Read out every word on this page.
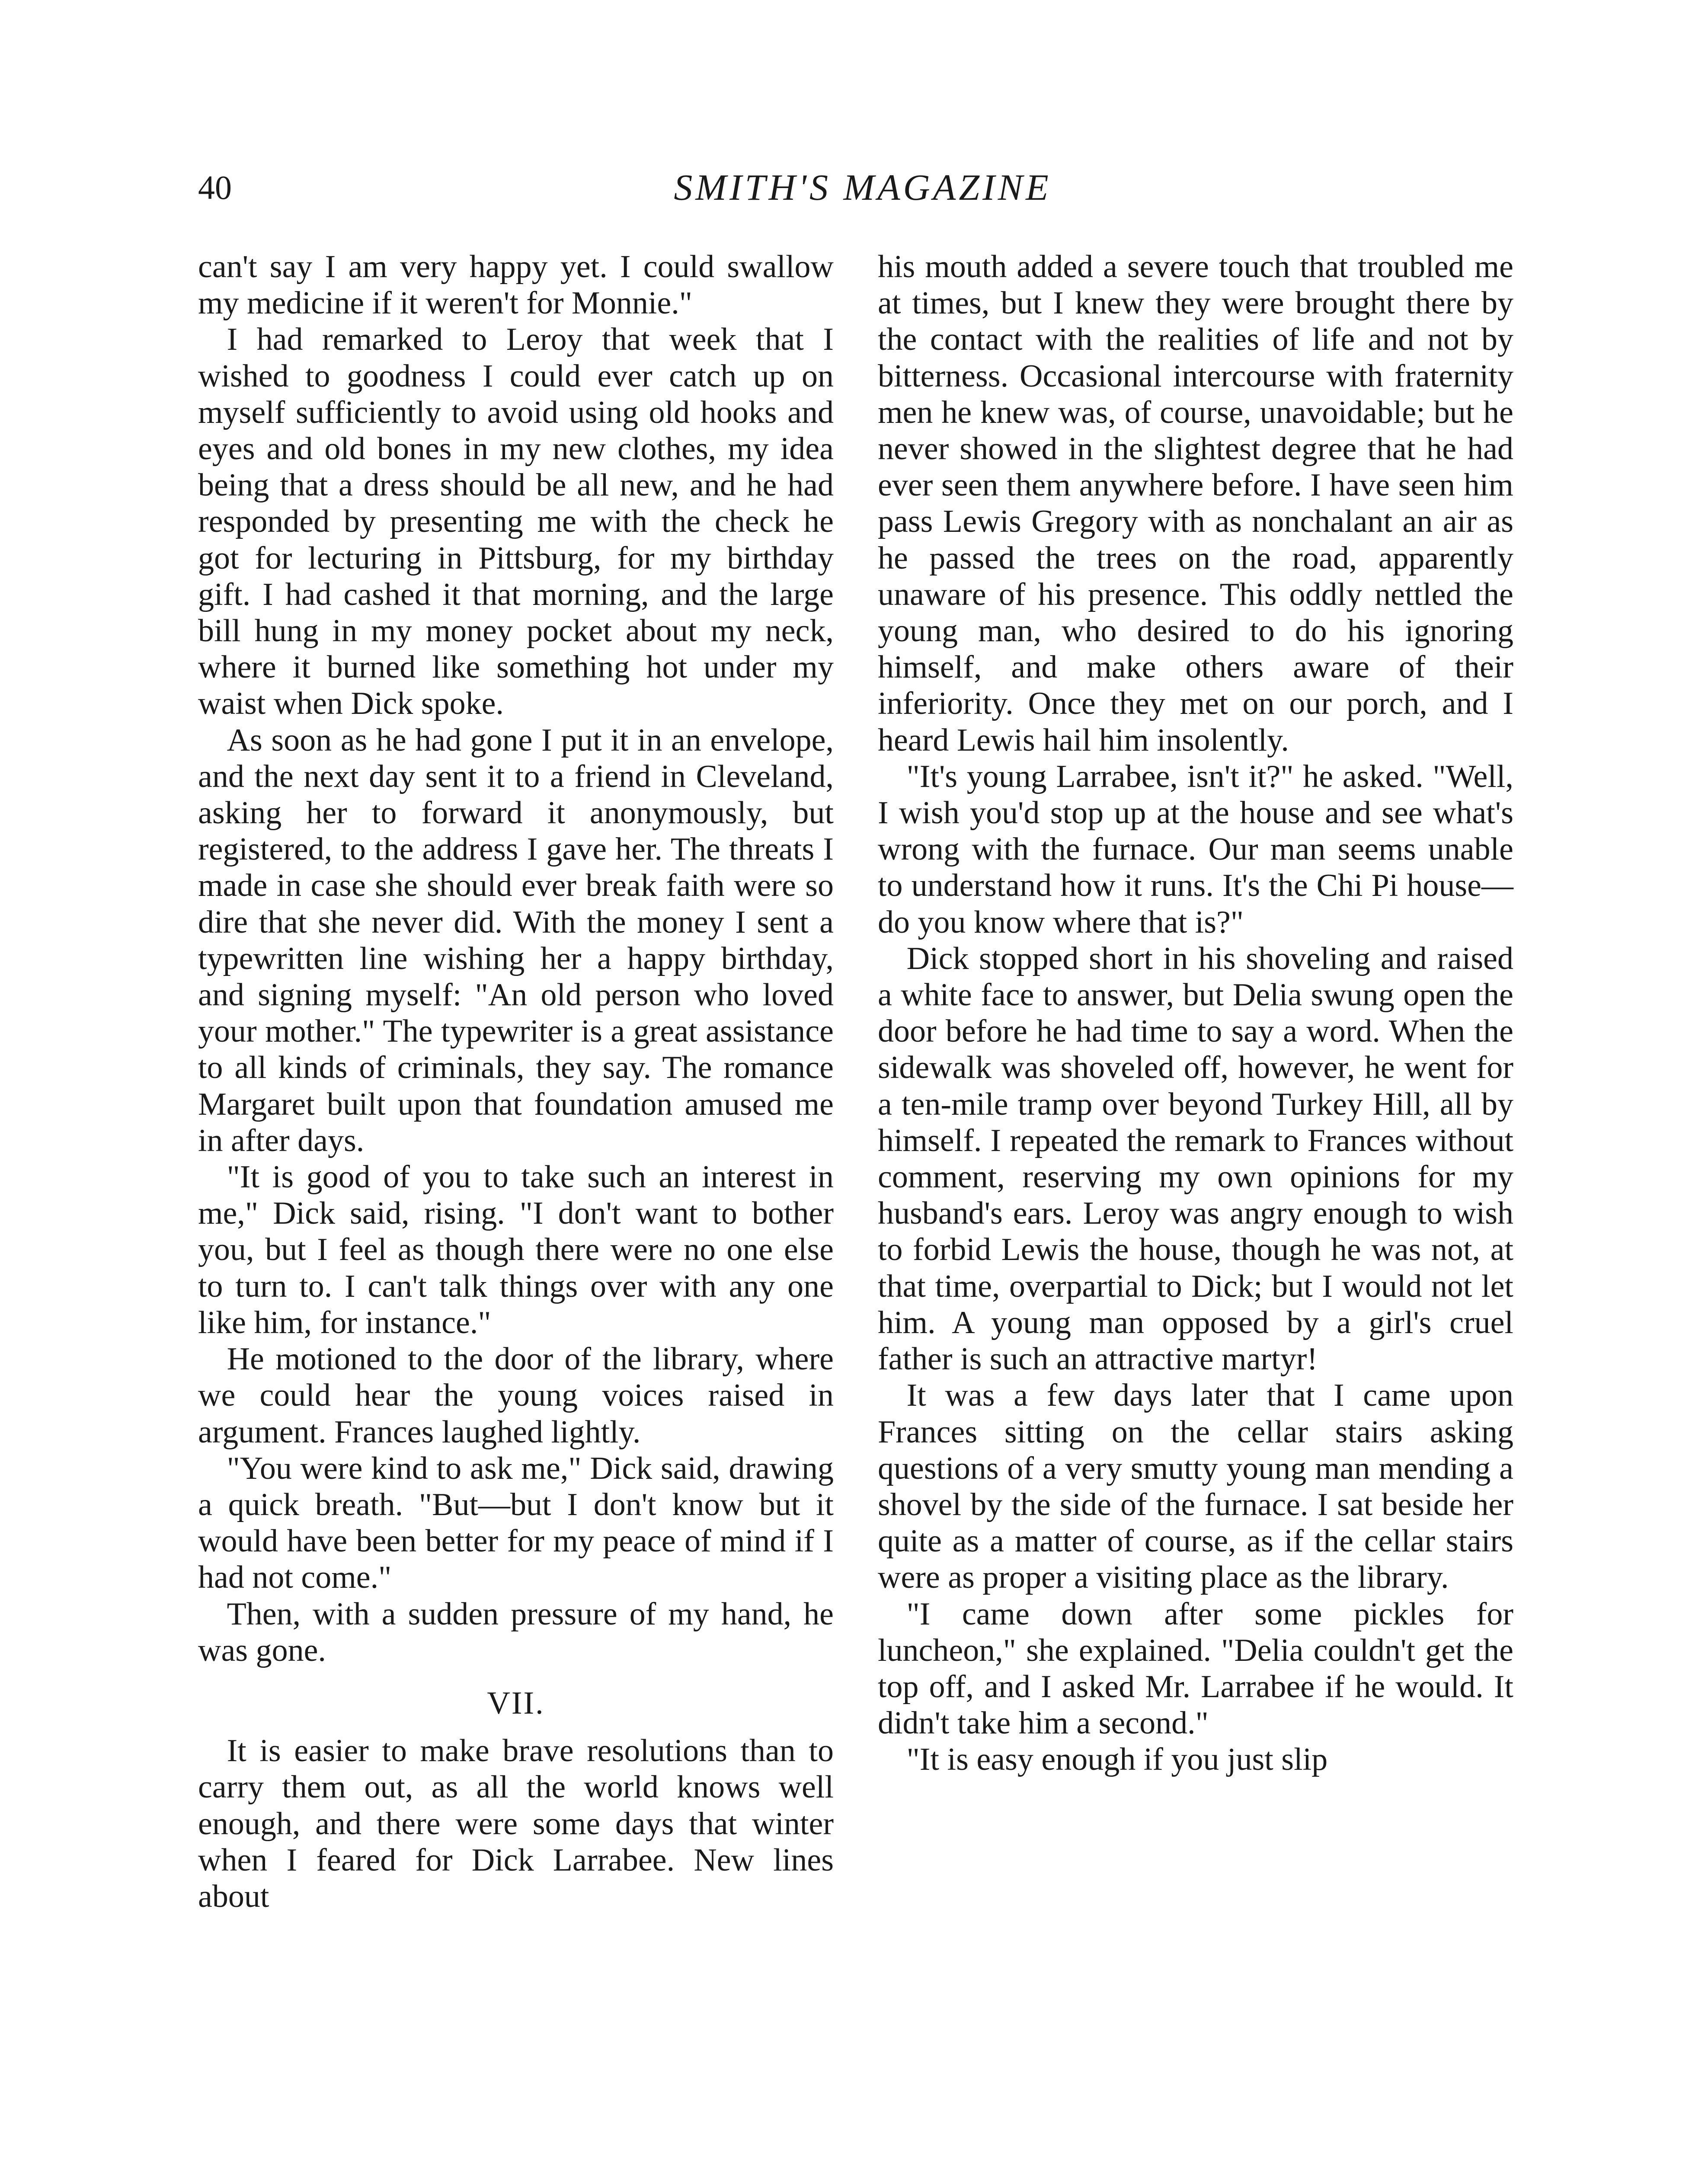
40	SMITH'S MAGAZINE

can't say I am very happy yet. I could swallow my medicine if it weren't for Monnie."

I had remarked to Leroy that week that I wished to goodness I could ever catch up on myself sufficiently to avoid using old hooks and eyes and old bones in my new clothes, my idea being that a dress should be all new, and he had responded by presenting me with the check he got for lecturing in Pittsburg, for my birthday gift. I had cashed it that morning, and the large bill hung in my money pocket about my neck, where it burned like something hot under my waist when Dick spoke.

As soon as he had gone I put it in an envelope, and the next day sent it to a friend in Cleveland, asking her to forward it anonymously, but registered, to the address I gave her. The threats I made in case she should ever break faith were so dire that she never did. With the money I sent a typewritten line wishing her a happy birthday, and signing myself: "An old person who loved your mother." The typewriter is a great assistance to all kinds of criminals, they say. The romance Margaret built upon that foundation amused me in after days.

"It is good of you to take such an interest in me," Dick said, rising. "I don't want to bother you, but I feel as though there were no one else to turn to. I can't talk things over with any one like him, for instance."

He motioned to the door of the library, where we could hear the young voices raised in argument. Frances laughed lightly.

"You were kind to ask me," Dick said, drawing a quick breath. "But—but I don't know but it would have been better for my peace of mind if I had not come."

Then, with a sudden pressure of my hand, he was gone.

VII.

It is easier to make brave resolutions than to carry them out, as all the world knows well enough, and there were some days that winter when I feared for Dick Larrabee. New lines about

his mouth added a severe touch that troubled me at times, but I knew they were brought there by the contact with the realities of life and not by bitterness. Occasional intercourse with fraternity men he knew was, of course, unavoidable; but he never showed in the slightest degree that he had ever seen them anywhere before. I have seen him pass Lewis Gregory with as nonchalant an air as he passed the trees on the road, apparently unaware of his presence. This oddly nettled the young man, who desired to do his ignoring himself, and make others aware of their inferiority. Once they met on our porch, and I heard Lewis hail him insolently.

"It's young Larrabee, isn't it?" he asked. "Well, I wish you'd stop up at the house and see what's wrong with the furnace. Our man seems unable to understand how it runs. It's the Chi Pi house—do you know where that is?"

Dick stopped short in his shoveling and raised a white face to answer, but Delia swung open the door before he had time to say a word. When the sidewalk was shoveled off, however, he went for a ten-mile tramp over beyond Turkey Hill, all by himself. I repeated the remark to Frances without comment, reserving my own opinions for my husband's ears. Leroy was angry enough to wish to forbid Lewis the house, though he was not, at that time, overpartial to Dick; but I would not let him. A young man opposed by a girl's cruel father is such an attractive martyr!

It was a few days later that I came upon Frances sitting on the cellar stairs asking questions of a very smutty young man mending a shovel by the side of the furnace. I sat beside her quite as a matter of course, as if the cellar stairs were as proper a visiting place as the library.

"I came down after some pickles for luncheon," she explained. "Delia couldn't get the top off, and I asked Mr. Larrabee if he would. It didn't take him a second."

"It is easy enough if you just slip
